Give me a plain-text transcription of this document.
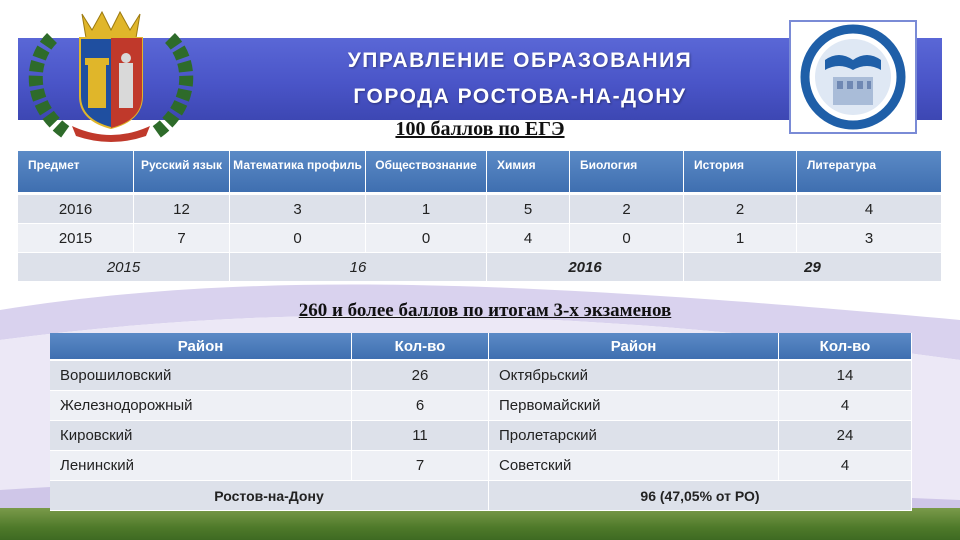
УПРАВЛЕНИЕ ОБРАЗОВАНИЯ
ГОРОДА РОСТОВА-НА-ДОНУ
100 баллов по ЕГЭ
Предмет	Русский язык	Математика профиль	Обществознание	Химия	Биология	История	Литература
2016	12	3	1	5	2	2	4
2015	7	0	0	4	0	1	3
2015		16		2016		29	
260 и более баллов по итогам 3-х экзаменов
Район	Кол-во	Район	Кол-во
Ворошиловский	26	Октябрьский	14
Железнодорожный	6	Первомайский	4
Кировский	11	Пролетарский	24
Ленинский	7	Советский	4
Ростов-на-Дону		96 (47,05% от РО)	
